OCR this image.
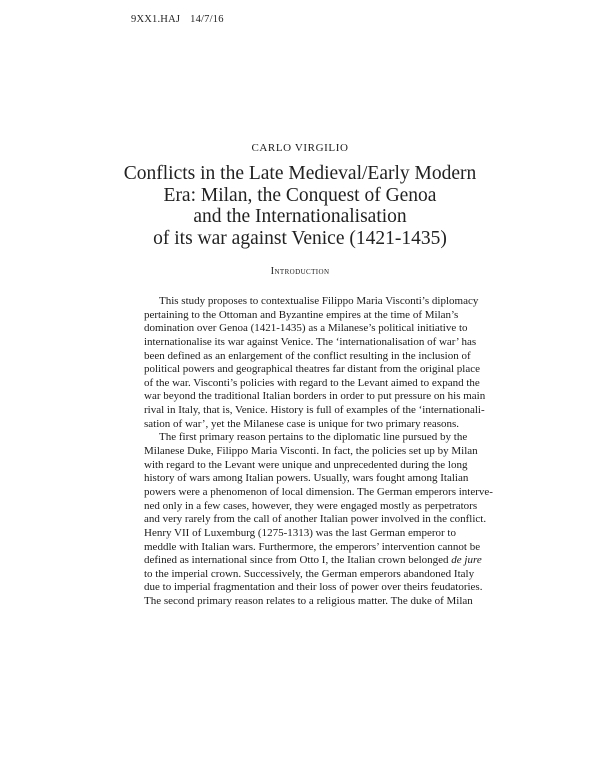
9XX1.HAJ 14/7/16
CARLO VIRGILIO
Conflicts in the Late Medieval/Early Modern
Era: Milan, the Conquest of Genoa
and the Internationalisation
of its war against Venice (1421-1435)
Introduction
This study proposes to contextualise Filippo Maria Visconti’s diplomacy
pertaining to the Ottoman and Byzantine empires at the time of Milan’s
domination over Genoa (1421-1435) as a Milanese’s political initiative to
internationalise its war against Venice. The ‘internationalisation of war’ has
been defined as an enlargement of the conflict resulting in the inclusion of
political powers and geographical theatres far distant from the original place
of the war. Visconti’s policies with regard to the Levant aimed to expand the
war beyond the traditional Italian borders in order to put pressure on his main
rival in Italy, that is, Venice. History is full of examples of the ‘internationali-
sation of war’, yet the Milanese case is unique for two primary reasons.
The first primary reason pertains to the diplomatic line pursued by the
Milanese Duke, Filippo Maria Visconti. In fact, the policies set up by Milan
with regard to the Levant were unique and unprecedented during the long
history of wars among Italian powers. Usually, wars fought among Italian
powers were a phenomenon of local dimension. The German emperors interve-
ned only in a few cases, however, they were engaged mostly as perpetrators
and very rarely from the call of another Italian power involved in the conflict.
Henry VII of Luxemburg (1275-1313) was the last German emperor to
meddle with Italian wars. Furthermore, the emperors’ intervention cannot be
defined as international since from Otto I, the Italian crown belonged de jure
to the imperial crown. Successively, the German emperors abandoned Italy
due to imperial fragmentation and their loss of power over theirs feudatories.
The second primary reason relates to a religious matter. The duke of Milan
